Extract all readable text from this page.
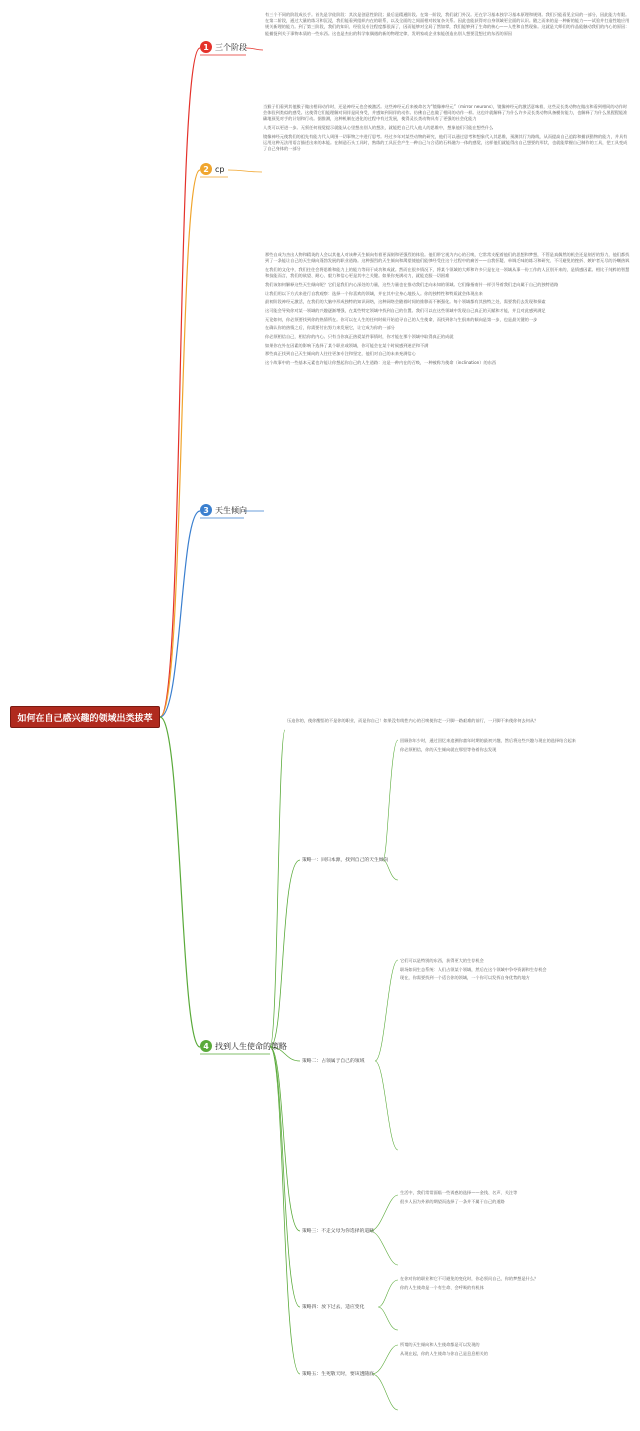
如何在自己感兴趣的领域出类拔萃
1 三个阶段

有三个不同的阶段成长手。首先是学徒阶段：其次是创意性阶段；最后是精通阶段。在第一阶段，我们就门外汉。还在学习基本独学习基本原理和规则。我们只能看见全局的一部分，因此能力有限。在第二阶段，通过大量的练习和沉浸，我们能看到组织内在的联系，以及全面的之间面相对较复杂关系。因此也能获得对自身领域更全面的认识。随之而来的是一种新的能力——试验并打造性地应用规关新理的能力。到了第三阶段，我们的知识、经验及专注程度都很深了，因而能够对全局了然如掌，我们能够到了生命的核心——人性和自然现象。这就是大师们的作品能触动我们的内心的原因：能捕捉到关于事物本质的一些东西。这也是杰出的科学家偶遇的新的物理定律，发明家或企业家能创造出别人想要没想过的东西的原因

2 cp

当猴子们看到其他猴子做出相同动作时，还是神经元也会被激活。这些神经元后来被命名为“镜像神经元”（mirror neurons），镜像神经元的激活意味着，这些灵长类动物在做出和看到相同的动作时会体验到类似的感受。这使得它们能理解对同伴是同身受，并感知到同伴的动作。仿佛自己也做了相同的动作一样。这也许就解释了为什么许多灵长类动物具备模仿能力，也解释了为什么黑猩猩能准确地预见对手的计划和行动。据推测，这种机制在进化的过程中有过发展，使得灵长类动物具有了更强的社会化能力

人类可以更进一步。无须任何视觉提示就能从心里想出别人的想法，就能把自己代入他人的思维中，想象他们可能在想些什么

镜像神经元使我们的祖先有能力代入周围一切事物之中进行思考。经过多年对某些动物的研究，他们可以通过思考和想象代入其思维，预测其行为路线，从而提高自己追踪和捕获猎物的能力，并具有运用这种无法用语言描述出来的本能。在制造石头工具时，熟练的工具匠会产生一种自己与合适的石料融为一体的感觉，这样他们就能得出自己想要的形状，也就能掌握自己制作的工具，把工具变成了自己身体的一部分

3 天生倾向

那些自成为杰出人物和精英的人会以其他人对该种天生倾向有着更深刻和更强烈的体验。他们带它视为内心的召唤，它常常支配着他们的思想和梦想，不管是真偶然的机会还是刻苦的努力，他们都找到了一条能让自己的天生倾向蓬勃发展的职业道路。这种强烈的天生倾向和渴望使他们能够经受住这个过程中的痛苦——自我怀疑、单调乏味的练习和研究、不可避免的挫折、嫉妒者无尽的冷嘲热讽

在我们的文化中，我们往往会将思维和能力上的能力等同于成功和成就。然而在很多情况下，将某个领域的大师和许多只是在这一领域从事一份工作的人区别开来的，是情感因素。相比于纯粹的智慧和技能而言，我们的欲望、耐心、毅力和信心更是其中之关键。如果你充满动力，就能克服一切困难

我们该如何解释这些天生倾向呢？它们是我们内心深处的力量，这些力量也在推动我们走向未知的领域。它们像指南针一样引导着我们走向属于自己的独特道路

让我们用以下方式来进行自我观察：选择一个你喜欢的领域，并在其中全身心地投入。你的独特性和特质就会体现出来

最初阶段神经元激活，在我们的大脑中形成独特的知识网络，这种网络会随着时间的推移而不断强化。每个领域都有其独特之处，需要我们去发现和探索

这可能会导致你对某一领域的兴趣逐渐增强，在某些特定领域中找到自己的位置。我们可以在这些领域中发现自己真正的天赋和才能，并且对此感到满足

无论如何，你必须要找到你的热情所在。你可以在人生的任何时候开始追寻自己的人生使命，而找到你与生俱来的倾向是第一步，也是最关键的一步

在确认你的热情之后，你需要付出努力来发展它，让它成为你的一部分

你必须相信自己，相信你的内心。只有当你真正热爱某件事情时，你才能在那个领域中取得真正的成就

如果你在外在因素的影响下选择了某个职业或领域，你可能会在某个时候感到迷茫和不满

那些真正找到自己天生倾向的人往往更加专注和坚定，他们对自己的未来充满信心

这个故事中的一些基本元素也许能让你想起你自己的人生道路：这是一种内在的召唤，一种被称为使命（inclination）的东西

4 找到人生使命的策略

压迫你的，使你醒悟的不是你的职业，而是你自己！如果没有线性内心的召唤使你走一只脚一路艰难的前行，一只脚不来使你何去何从？

策略一：回归本源，找到自己的天生倾向

回顾你年少时，通过回忆来追溯你童年时期的最初兴趣，然后将这些兴趣与现在的选择结合起来

你必须相信，你的天生倾向就在那里等待着你去发现

策略二：占领属于自己的领域

它们可以是特别的东西，获得更大的生存机会

职场如同生态系统：人们占领某个领域，然后在这个领域中争夺资源和生存机会

现在，你需要找到一个适合你的领域，一个你可以发挥自身优势的地方

策略三：不走父母为你选择的道路

生活中，我们常常面临一些诱惑的选择——金钱、名声、关注等

很多人因为外界的期望而选择了一条并不属于自己的道路

策略四：放下过去，适应变化

在你对你的职业和它不可避免的变化时，你必须问自己，你的梦想是什么？

你的人生使命是一个有生命、会呼吸的有机体

策略五：生死敬天时，要该透随底

所谓的天生倾向和人生使命都是可以发现的

从现在起，你的人生使命与你自己是息息相关的
